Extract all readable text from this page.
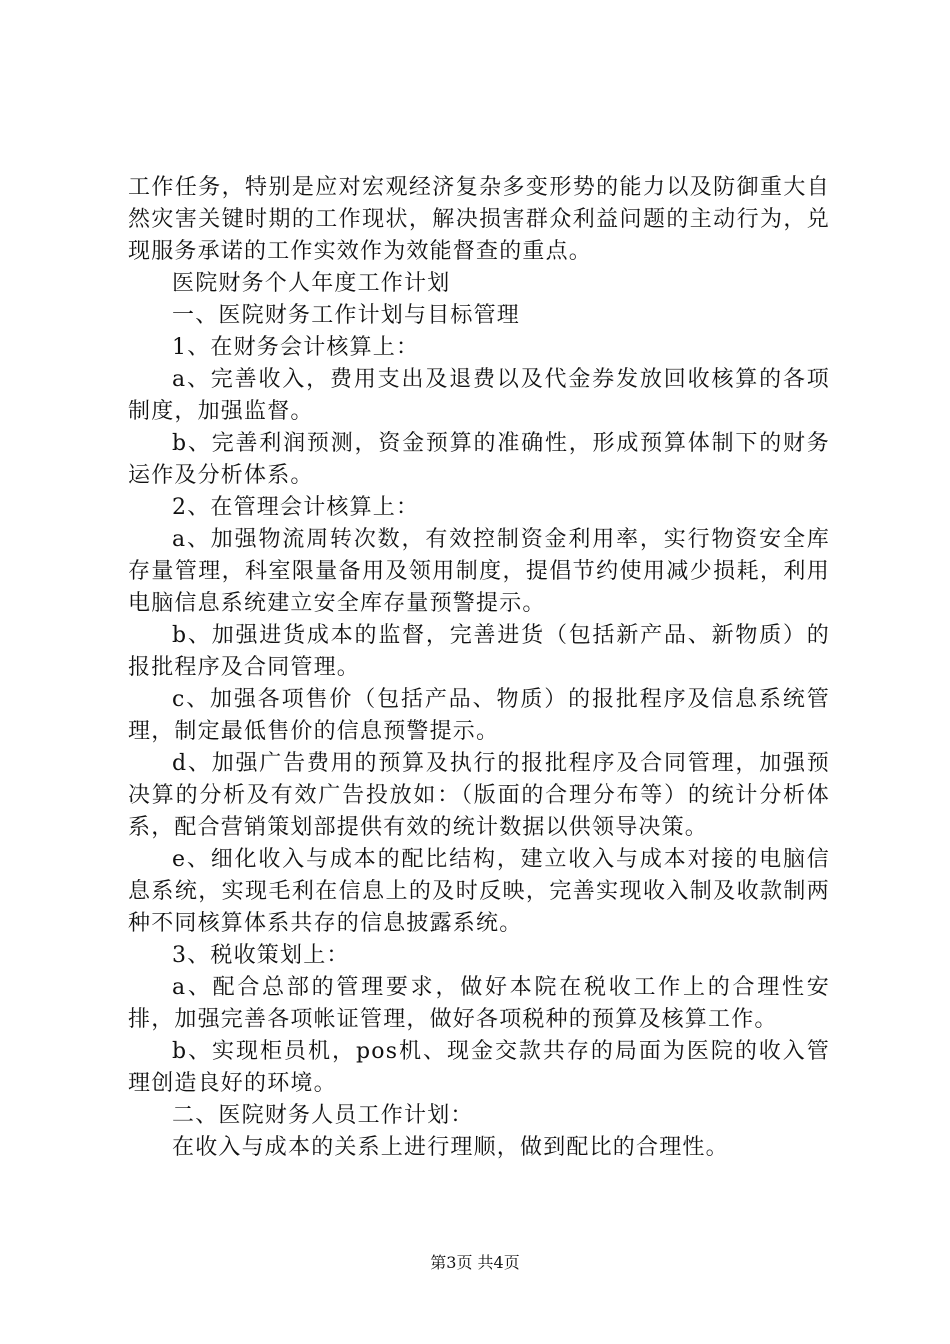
工作任务，特别是应对宏观经济复杂多变形势的能力以及防御重大自然灾害关键时期的工作现状，解决损害群众利益问题的主动行为，兑现服务承诺的工作实效作为效能督查的重点。

医院财务个人年度工作计划

一、医院财务工作计划与目标管理

1、在财务会计核算上：

a、完善收入，费用支出及退费以及代金券发放回收核算的各项制度，加强监督。

b、完善利润预测，资金预算的准确性，形成预算体制下的财务运作及分析体系。

2、在管理会计核算上：

a、加强物流周转次数，有效控制资金利用率，实行物资安全库存量管理，科室限量备用及领用制度，提倡节约使用减少损耗，利用电脑信息系统建立安全库存量预警提示。

b、加强进货成本的监督，完善进货（包括新产品、新物质）的报批程序及合同管理。

c、加强各项售价（包括产品、物质）的报批程序及信息系统管理，制定最低售价的信息预警提示。

d、加强广告费用的预算及执行的报批程序及合同管理，加强预决算的分析及有效广告投放如：（版面的合理分布等）的统计分析体系，配合营销策划部提供有效的统计数据以供领导决策。

e、细化收入与成本的配比结构，建立收入与成本对接的电脑信息系统，实现毛利在信息上的及时反映，完善实现收入制及收款制两种不同核算体系共存的信息披露系统。

3、税收策划上：

a、配合总部的管理要求，做好本院在税收工作上的合理性安排，加强完善各项帐证管理，做好各项税种的预算及核算工作。

b、实现柜员机，pos机、现金交款共存的局面为医院的收入管理创造良好的环境。

二、医院财务人员工作计划：

在收入与成本的关系上进行理顺，做到配比的合理性。

第3页 共4页
